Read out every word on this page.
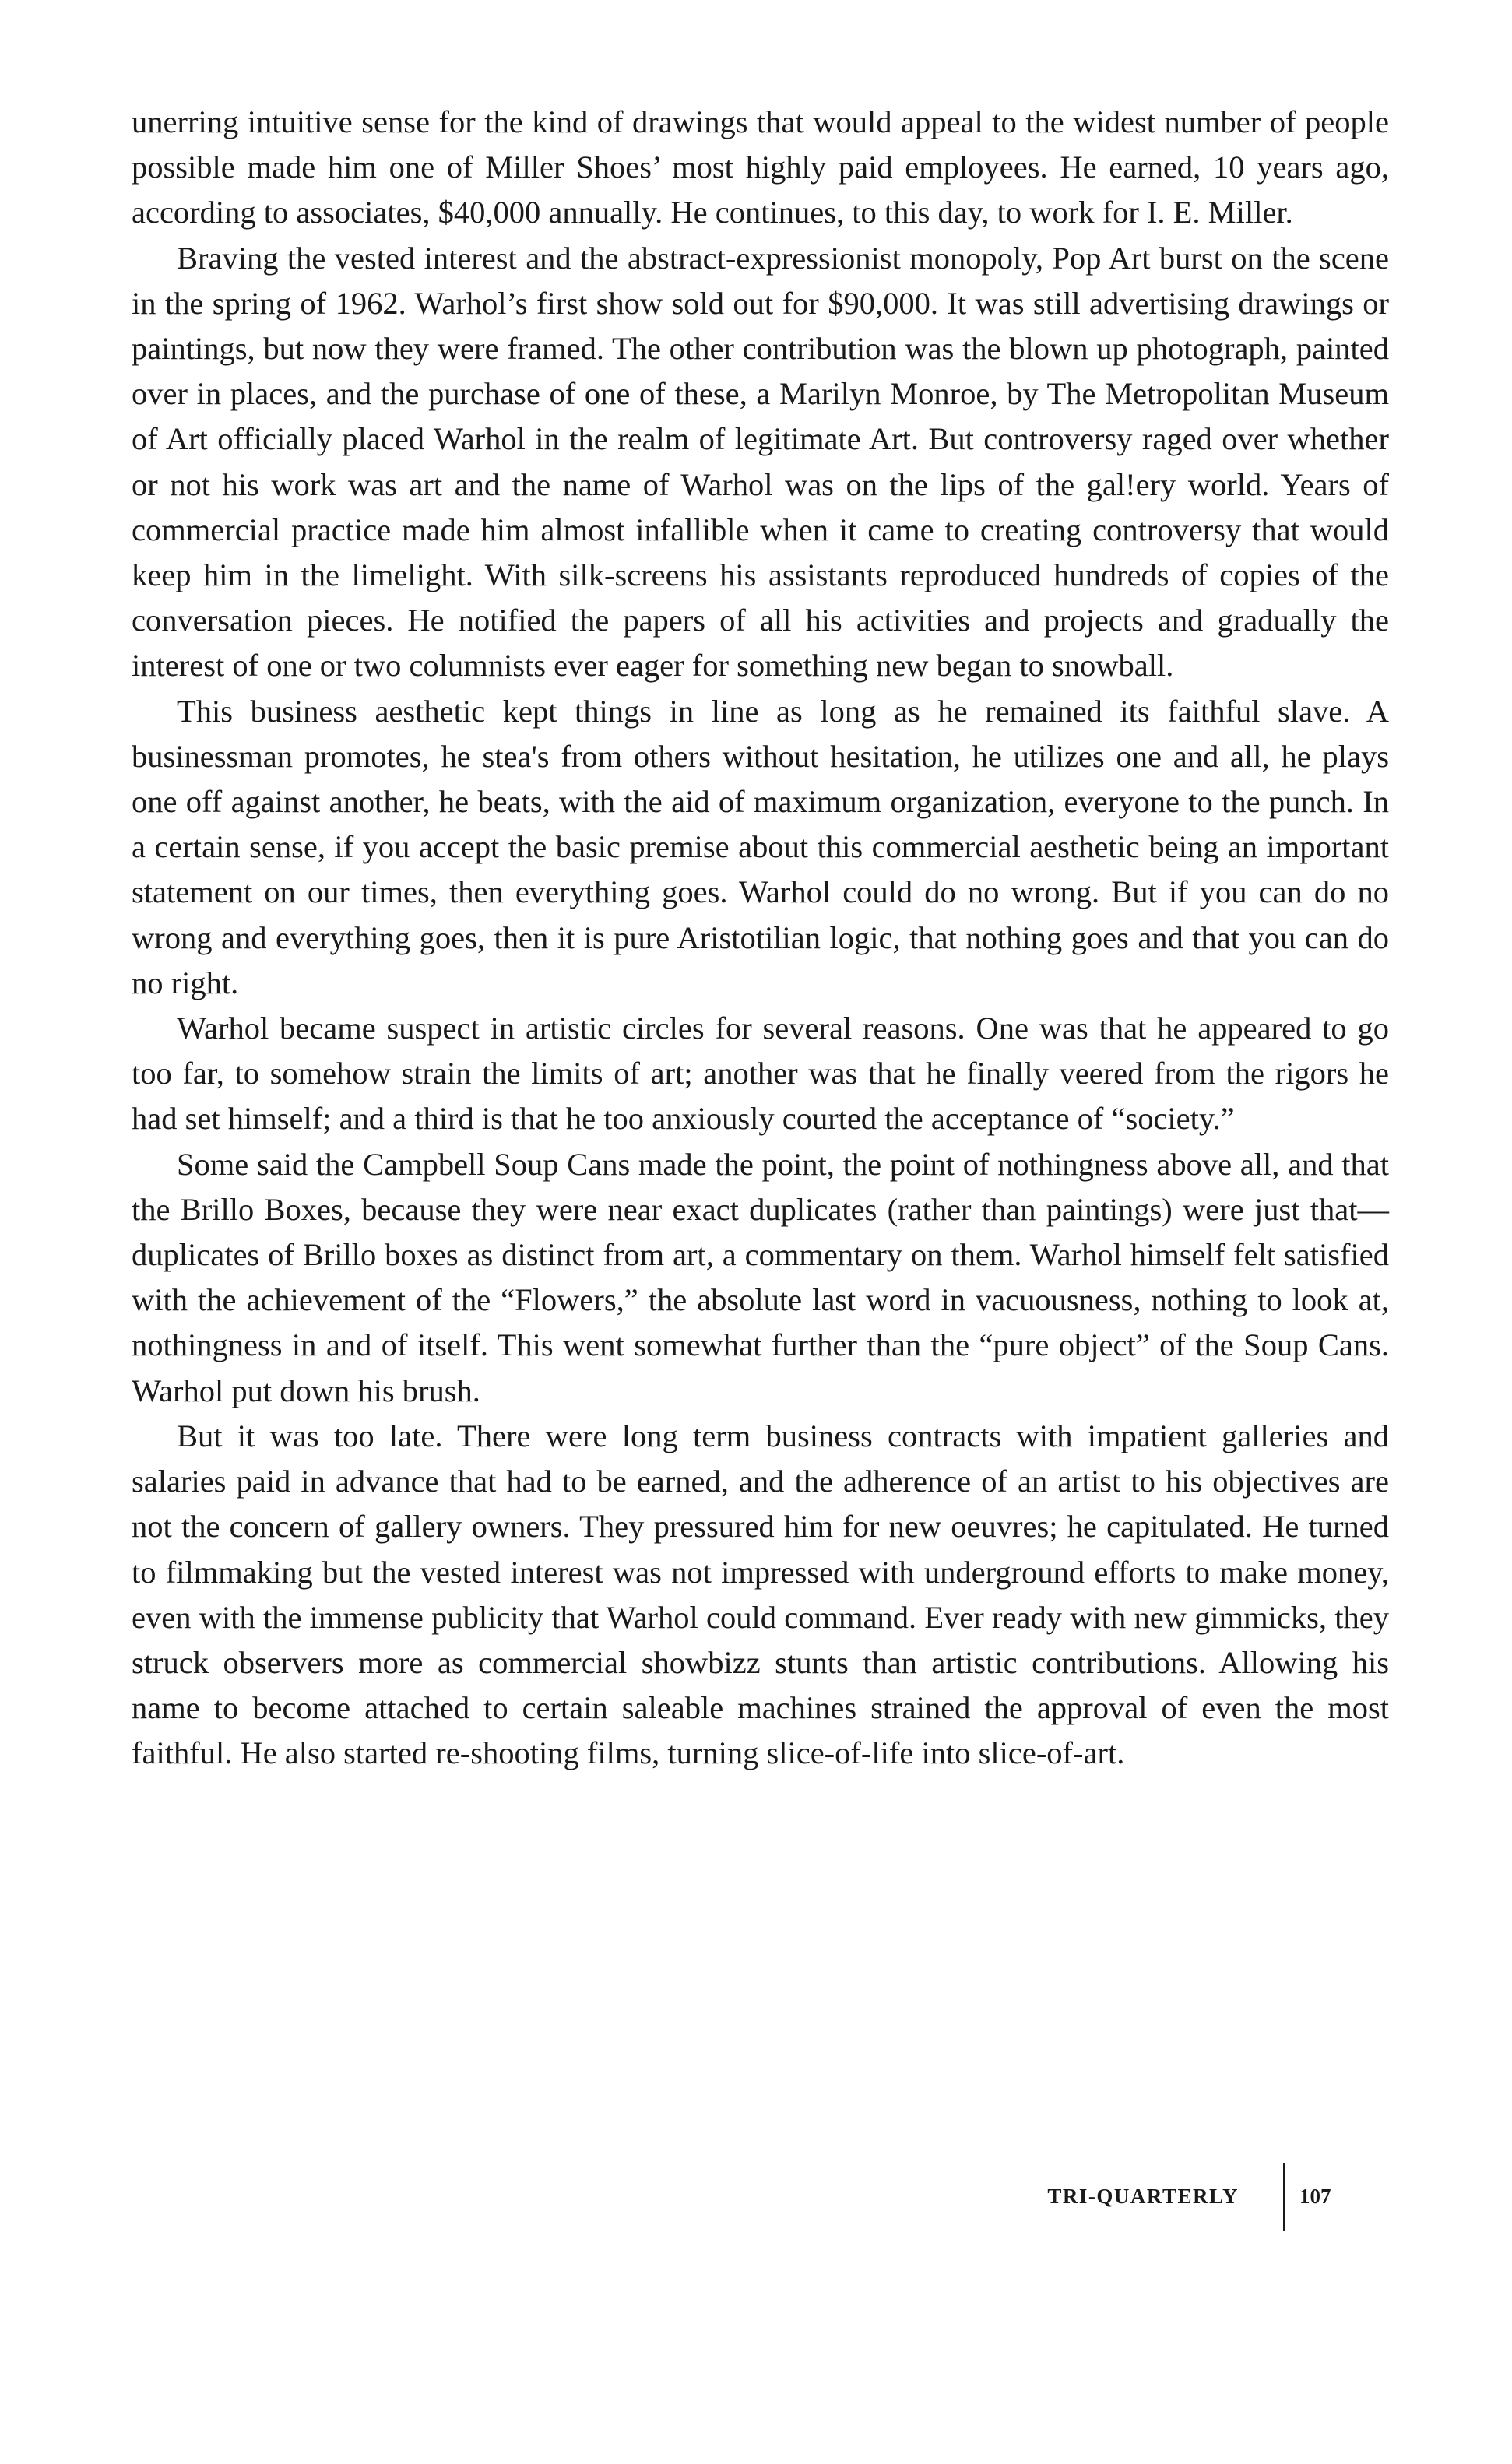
unerring intuitive sense for the kind of drawings that would appeal to the widest number of people possible made him one of Miller Shoes’ most highly paid employees. He earned, 10 years ago, according to associates, $40,000 annually. He continues, to this day, to work for I. E. Miller.

Braving the vested interest and the abstract-expressionist monopoly, Pop Art burst on the scene in the spring of 1962. Warhol’s first show sold out for $90,000. It was still advertising drawings or paintings, but now they were framed. The other contribution was the blown up photograph, painted over in places, and the purchase of one of these, a Marilyn Monroe, by The Metropolitan Museum of Art officially placed Warhol in the realm of legitimate Art. But controversy raged over whether or not his work was art and the name of Warhol was on the lips of the gal!ery world. Years of commercial practice made him almost infallible when it came to creating controversy that would keep him in the limelight. With silk-screens his assistants reproduced hundreds of copies of the conversation pieces. He notified the papers of all his activities and projects and gradually the interest of one or two columnists ever eager for something new began to snowball.

This business aesthetic kept things in line as long as he remained its faithful slave. A businessman promotes, he stea's from others without hesitation, he utilizes one and all, he plays one off against another, he beats, with the aid of maximum organization, everyone to the punch. In a certain sense, if you accept the basic premise about this commercial aesthetic being an important statement on our times, then everything goes. Warhol could do no wrong. But if you can do no wrong and everything goes, then it is pure Aristotilian logic, that nothing goes and that you can do no right.

Warhol became suspect in artistic circles for several reasons. One was that he appeared to go too far, to somehow strain the limits of art; another was that he finally veered from the rigors he had set himself; and a third is that he too anxiously courted the acceptance of “society.”

Some said the Campbell Soup Cans made the point, the point of nothingness above all, and that the Brillo Boxes, because they were near exact duplicates (rather than paintings) were just that—duplicates of Brillo boxes as distinct from art, a commentary on them. Warhol himself felt satisfied with the achievement of the “Flowers,” the absolute last word in vacuousness, nothing to look at, nothingness in and of itself. This went somewhat further than the “pure object” of the Soup Cans. Warhol put down his brush.

But it was too late. There were long term business contracts with impatient galleries and salaries paid in advance that had to be earned, and the adherence of an artist to his objectives are not the concern of gallery owners. They pressured him for new oeuvres; he capitulated. He turned to filmmaking but the vested interest was not impressed with underground efforts to make money, even with the immense publicity that Warhol could command. Ever ready with new gimmicks, they struck observers more as commercial showbizz stunts than artistic contributions. Allowing his name to become attached to certain saleable machines strained the approval of even the most faithful. He also started re-shooting films, turning slice-of-life into slice-of-art.

TRI-QUARTERLY	107
